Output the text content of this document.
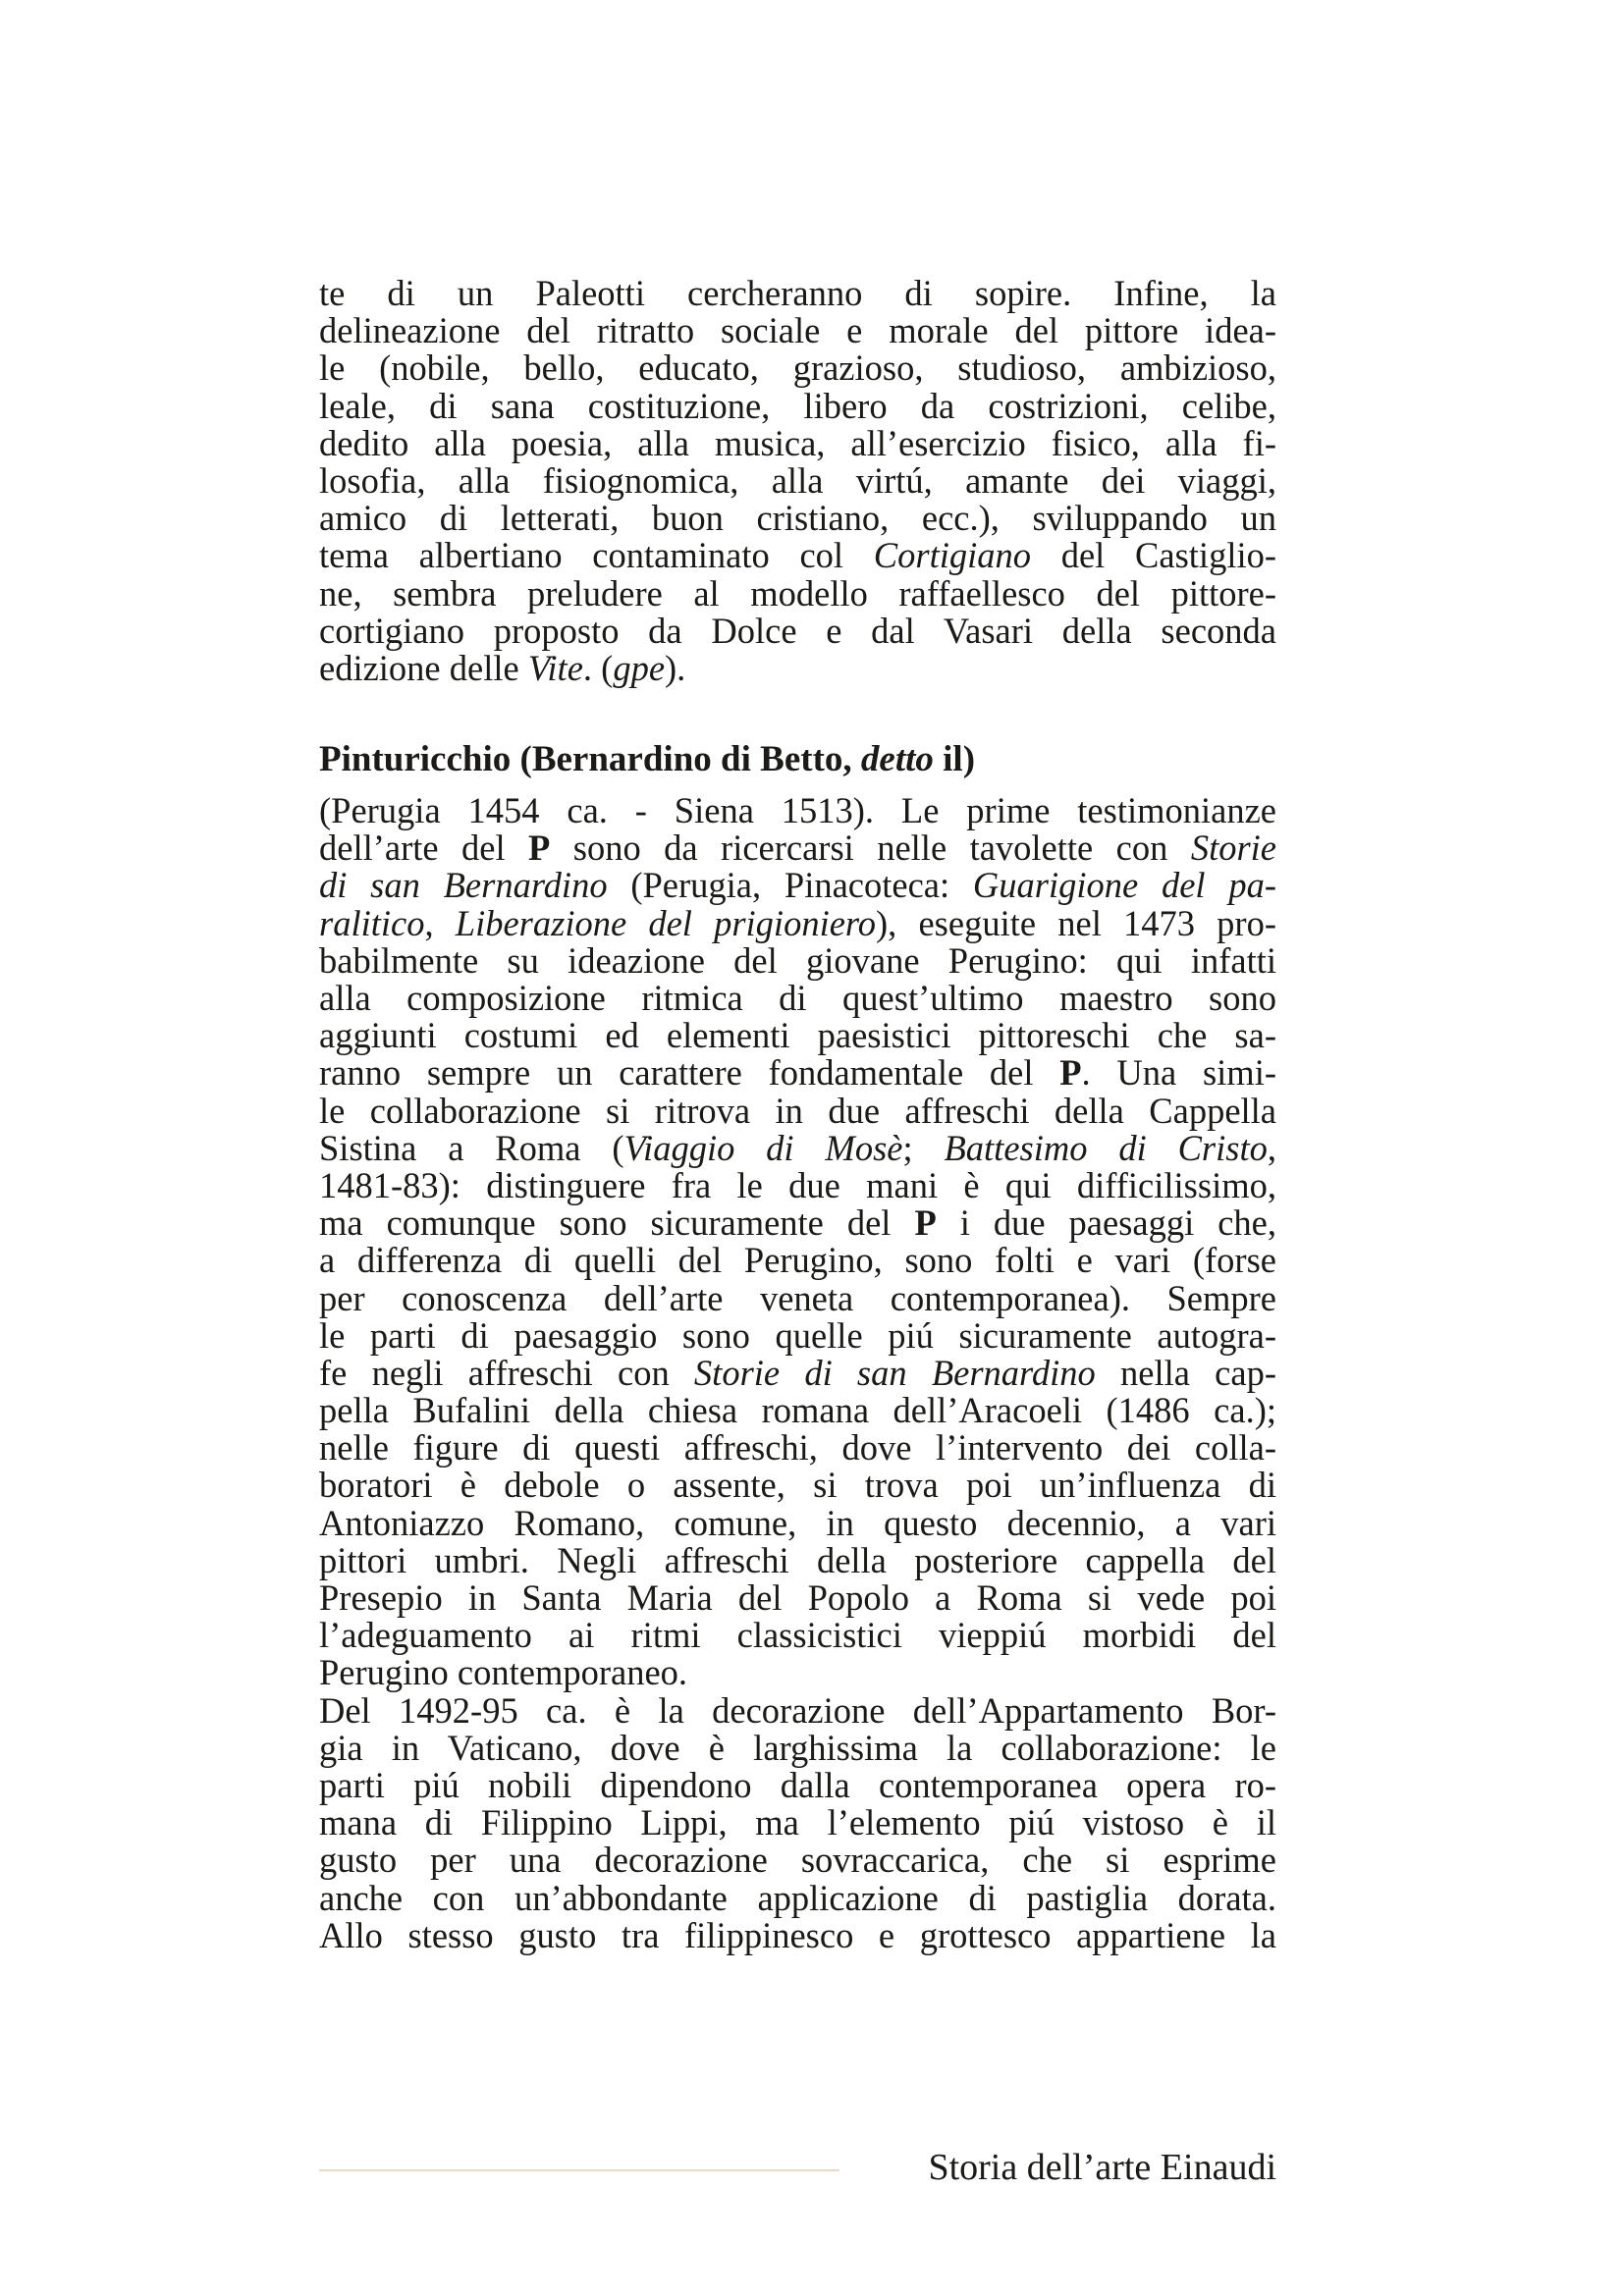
te di un Paleotti cercheranno di sopire. Infine, la
delineazione del ritratto sociale e morale del pittore idea-
le (nobile, bello, educato, grazioso, studioso, ambizioso,
leale, di sana costituzione, libero da costrizioni, celibe,
dedito alla poesia, alla musica, all’esercizio fisico, alla fi-
losofia, alla fisiognomica, alla virtú, amante dei viaggi,
amico di letterati, buon cristiano, ecc.), sviluppando un
tema albertiano contaminato col Cortigiano del Castiglio-
ne, sembra preludere al modello raffaellesco del pittore-
cortigiano proposto da Dolce e dal Vasari della seconda
edizione delle Vite. (gpe).
Pinturicchio (Bernardino di Betto, detto il)
(Perugia 1454 ca. - Siena 1513). Le prime testimonianze
dell’arte del P sono da ricercarsi nelle tavolette con Storie
di san Bernardino (Perugia, Pinacoteca: Guarigione del pa-
ralitico, Liberazione del prigioniero), eseguite nel 1473 pro-
babilmente su ideazione del giovane Perugino: qui infatti
alla composizione ritmica di quest’ultimo maestro sono
aggiunti costumi ed elementi paesistici pittoreschi che sa-
ranno sempre un carattere fondamentale del P. Una simi-
le collaborazione si ritrova in due affreschi della Cappella
Sistina a Roma (Viaggio di Mosè; Battesimo di Cristo,
1481-83): distinguere fra le due mani è qui difficilissimo,
ma comunque sono sicuramente del P i due paesaggi che,
a differenza di quelli del Perugino, sono folti e vari (forse
per conoscenza dell’arte veneta contemporanea). Sempre
le parti di paesaggio sono quelle piú sicuramente autogra-
fe negli affreschi con Storie di san Bernardino nella cap-
pella Bufalini della chiesa romana dell’Aracoeli (1486 ca.);
nelle figure di questi affreschi, dove l’intervento dei colla-
boratori è debole o assente, si trova poi un’influenza di
Antoniazzo Romano, comune, in questo decennio, a vari
pittori umbri. Negli affreschi della posteriore cappella del
Presepio in Santa Maria del Popolo a Roma si vede poi
l’adeguamento ai ritmi classicistici vieppiú morbidi del
Perugino contemporaneo.
Del 1492-95 ca. è la decorazione dell’Appartamento Bor-
gia in Vaticano, dove è larghissima la collaborazione: le
parti piú nobili dipendono dalla contemporanea opera ro-
mana di Filippino Lippi, ma l’elemento piú vistoso è il
gusto per una decorazione sovraccarica, che si esprime
anche con un’abbondante applicazione di pastiglia dorata.
Allo stesso gusto tra filippinesco e grottesco appartiene la
Storia dell’arte Einaudi
